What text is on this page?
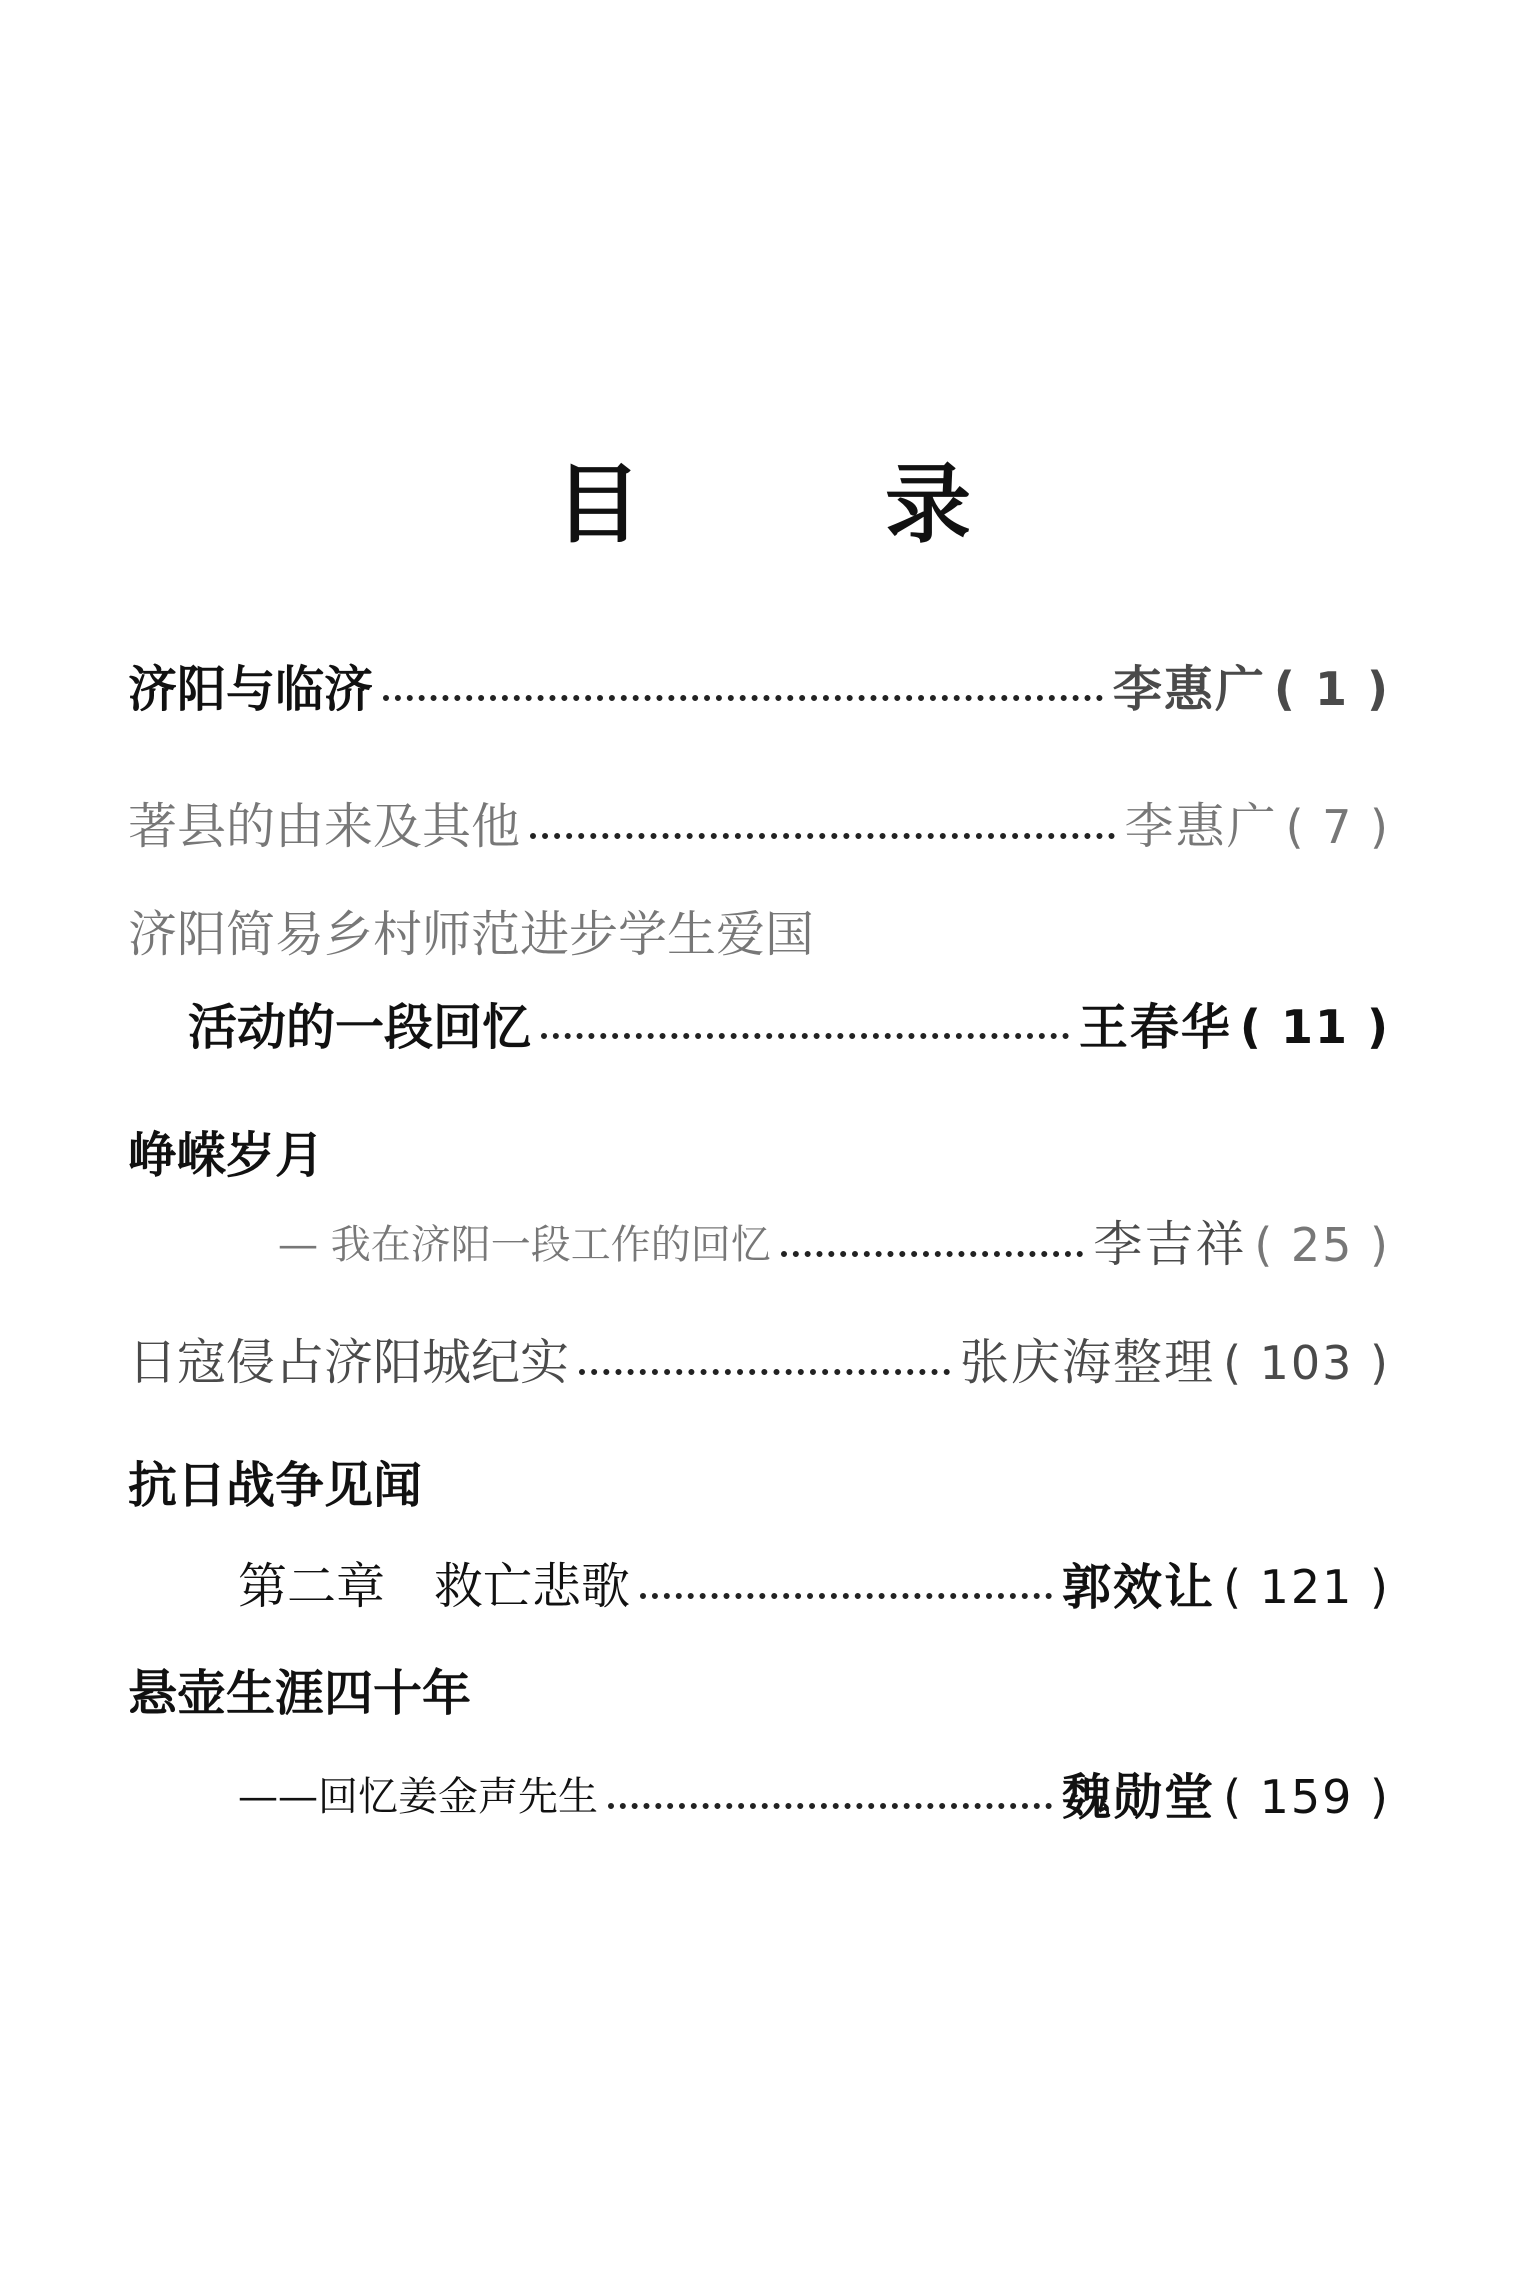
目	录
济阳与临济	李惠广 ( 1 )
著县的由来及其他	李惠广 ( 7 )
济阳简易乡村师范进步学生爱国
活动的一段回忆	王春华 ( 11 )
峥嵘岁月
— 我在济阳一段工作的回忆	李吉祥 ( 25 )
日寇侵占济阳城纪实	张庆海整理 ( 103 )
抗日战争见闻
第二章　救亡悲歌	郭效让 ( 121 )
悬壶生涯四十年
——回忆姜金声先生	魏勋堂 ( 159 )
